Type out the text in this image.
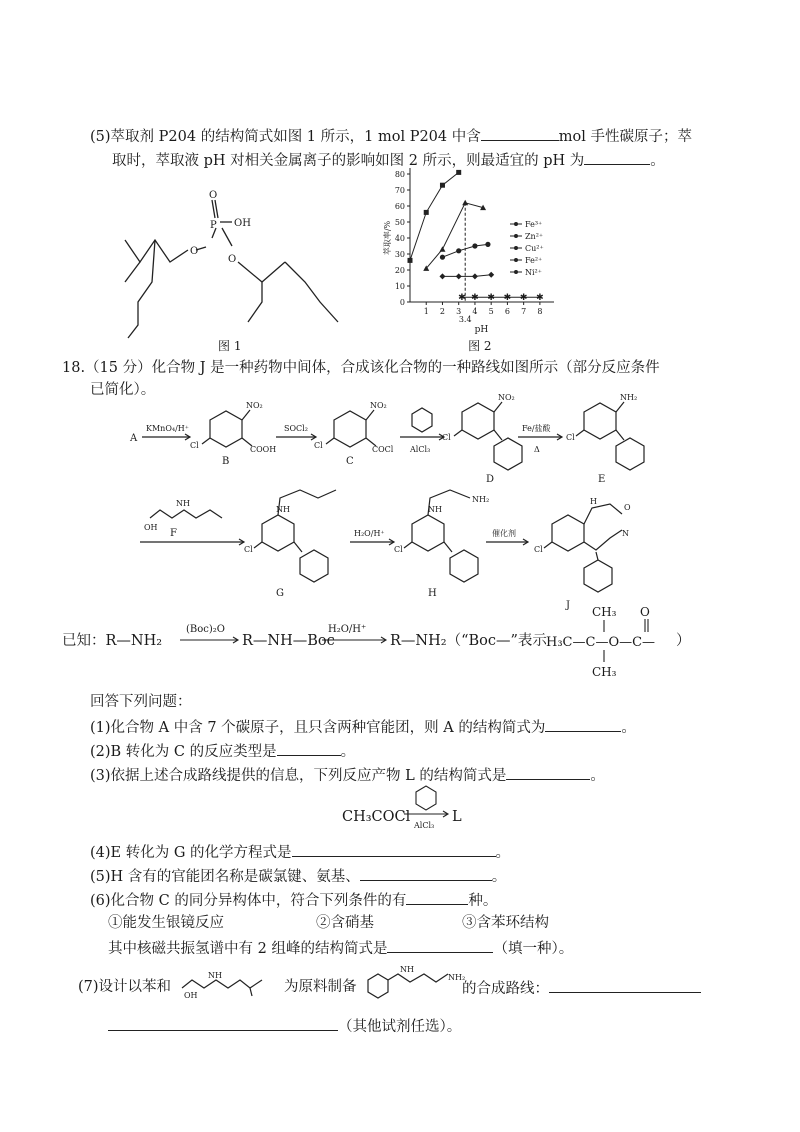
(5)萃取剂 P204 的结构简式如图 1 所示，1 mol P204 中含	mol 手性碳原子；萃
取时，萃取液 pH 对相关金属离子的影响如图 2 所示，则最适宜的 pH 为	。
O
P
O
OH
O
图 1
0
10
20
30
40
50
60
70
80
1 2 3 4 5 6 7 8
pH
萃取率/%
3.4
Fe³⁺
Zn²⁺
Cu²⁺
Fe²⁺
✱ ✱ ✱ ✱ ✱ ✱
Ni²⁺
图 2
18.（15 分）化合物 J 是一种药物中间体，合成该化合物的一种路线如图所示（部分反应条件
已简化）。
A
KMnO₄/H⁺
Cl
NO₂
COOH
B
SOCl₂
Cl
NO₂
COCl
C
AlCl₃
Cl
NO₂
D
Fe/盐酸
Δ
Cl
NH₂
E
OH
F
NH
Cl
NH
G
H₂O/H⁺
Cl
NH
NH₂
H
催化剂
Cl
H
N
O
J
已知：R—NH₂
(Boc)₂O	H₂O/H⁺
CH₃ O
CH₃
R—NH—Boc	R—NH₂（“Boc—”表示 H₃C—C—O—C— ）
回答下列问题：
(1)化合物 A 中含 7 个碳原子，且只含两种官能团，则 A 的结构简式为	。
(2)B 转化为 C 的反应类型是	。
(3)依据上述合成路线提供的信息，下列反应产物 L 的结构简式是	。
CH₃COCl
AlCl₃
L
(4)E 转化为 G 的化学方程式是	。
(5)H 含有的官能团名称是碳氯键、氨基、	。
(6)化合物 C 的同分异构体中，符合下列条件的有	种。
①能发生银镜反应	②含硝基	③含苯环结构
其中核磁共振氢谱中有 2 组峰的结构简式是	（填一种）。
(7)设计以苯和
OH
NH
NH
NH₂
为原料制备	的合成路线：
（其他试剂任选）。
